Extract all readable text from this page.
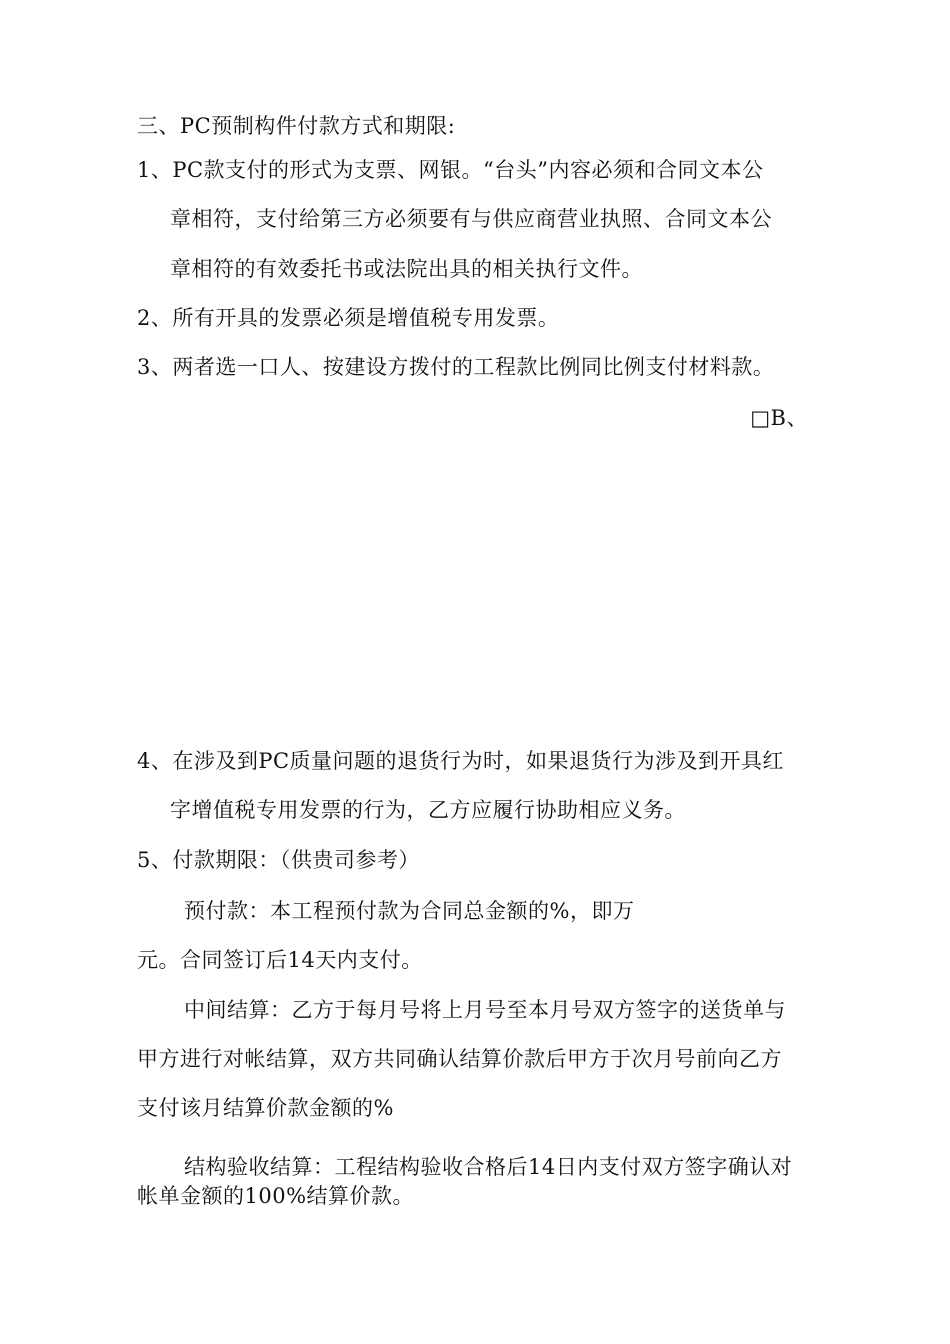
三、PC预制构件付款方式和期限:
1、PC款支付的形式为支票、网银。“台头”内容必须和合同文本公
章相符，支付给第三方必须要有与供应商营业执照、合同文本公
章相符的有效委托书或法院出具的相关执行文件。
2、所有开具的发票必须是增值税专用发票。
3、两者选一口人、按建设方拨付的工程款比例同比例支付材料款。
□B、
4、在涉及到PC质量问题的退货行为时，如果退货行为涉及到开具红
字增值税专用发票的行为，乙方应履行协助相应义务。
5、付款期限：（供贵司参考）
预付款：本工程预付款为合同总金额的%，即万
元。合同签订后14天内支付。
中间结算：乙方于每月号将上月号至本月号双方签字的送货单与
甲方进行对帐结算，双方共同确认结算价款后甲方于次月号前向乙方
支付该月结算价款金额的%
结构验收结算：工程结构验收合格后14日内支付双方签字确认对
帐单金额的100%结算价款。
